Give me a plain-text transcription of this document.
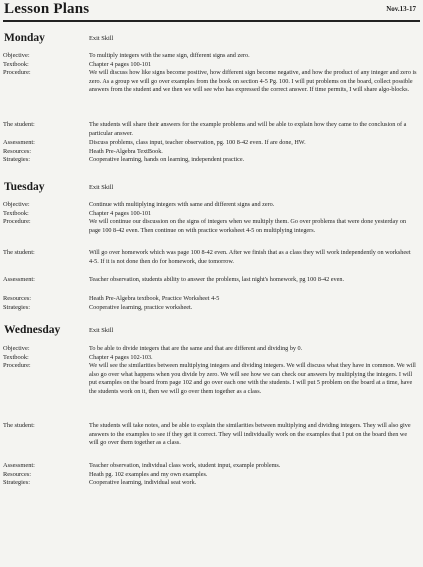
Lesson Plans	Nov.13-17
Monday	Exit Skill
Objective:	To multiply integers with the same sign, different signs and zero.
Textbook:	Chapter 4 pages 100-101
Procedure:	We will discuss how like signs become positive, how different sign become negative, and how the product of any integer and zero is zero. As a group we will go over examples from the book on section 4-5 Pg. 100. I will put problems on the board, collect possible answers from the student and we then we will see who has expressed the correct answer. If time permits, I will share algo-blocks.
The student:	The students will share their answers for the example problems and will be able to explain how they came to the conclusion of a particular answer.
Assessment:	Discuss problems, class input, teacher observation, pg. 100 8-42 even. If are done, HW.
Resources:	Heath Pre-Algebra TextBook.
Strategies:	Cooperative learning, hands on learning, independent practice.
Tuesday	Exit Skill
Objective:	Continue with multiplying integers with same and different signs and zero.
Textbook:	Chapter 4 pages 100-101
Procedure:	We will continue our discussion on the signs of integers when we multiply them. Go over problems that were done yesterday on page 100 8-42 even. Then continue on with practice worksheet 4-5 on multiplying integers.
The student:	Will go over homework which was page 100 8-42 even. After we finish that as a class they will work independently on worksheet 4-5. If it is not done then do for homework, due tomorrow.
Assessment:	Teacher observation, students ability to answer the problems, last night's homework, pg 100 8-42 even.
Resources:	Heath Pre-Algebra textbook, Practice Worksheet 4-5
Strategies:	Cooperative learning, practice worksheet.
Wednesday	Exit Skill
Objective:	To be able to divide integers that are the same and that are different and dividing by 0.
Textbook:	Chapter 4 pages 102-103.
Procedure:	We will see the similarities between multiplying integers and dividing integers. We will discuss what they have in common. We will also go over what happens when you divide by zero. We will see how we can check our answers by multiplying the integers. I will put examples on the board from page 102 and go over each one with the students. I will put 5 problem on the board at a time, have the students work on it, then we will go over them together as a class.
The student:	The students will take notes, and be able to explain the similarities between multiplying and dividing integers. They will also give answers to the examples to see if they get it correct. They will individually work on the examples that I put on the board then we will go over them together as a class.
Assessment:	Teacher observation, individual class work, student input, example problems.
Resources:	Heath pg. 102 examples and my own examples.
Strategies:	Cooperative learning, individual seat work.
